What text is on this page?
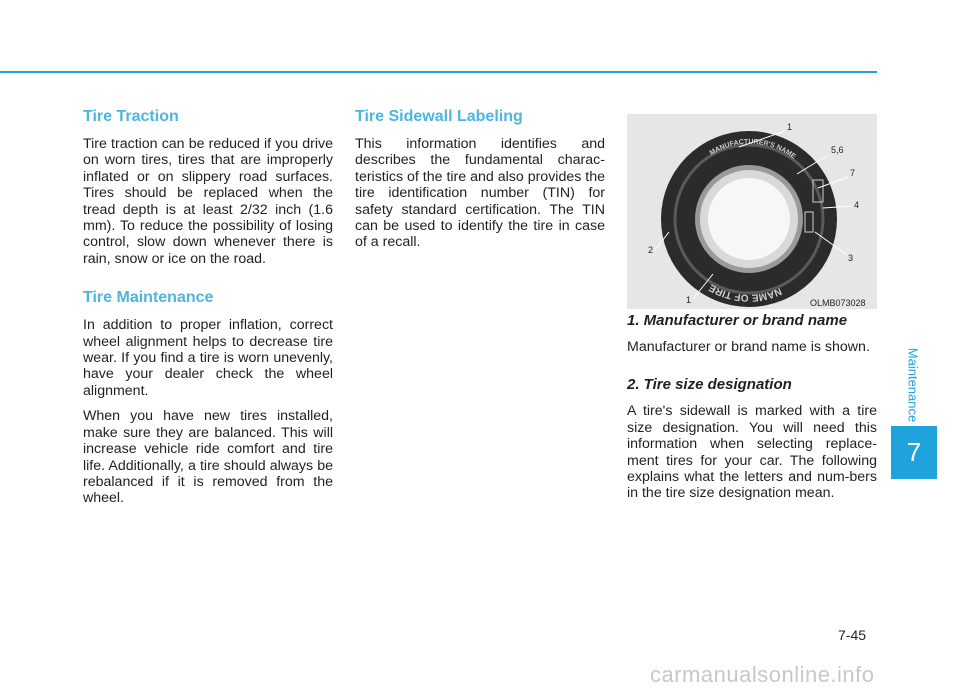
Tire Traction

Tire traction can be reduced if you drive on worn tires, tires that are improperly inflated or on slippery road surfaces. Tires should be replaced when the tread depth is at least 2/32 inch (1.6 mm). To reduce the possibility of losing control, slow down whenever there is rain, snow or ice on the road.

Tire Maintenance

In addition to proper inflation, correct wheel alignment helps to decrease tire wear. If you find a tire is worn unevenly, have your dealer check the wheel alignment.

When you have new tires installed, make sure they are balanced. This will increase vehicle ride comfort and tire life. Additionally, a tire should always be rebalanced if it is removed from the wheel.

Tire Sidewall Labeling

This information identifies and describes the fundamental charac-teristics of the tire and also provides the tire identification number (TIN) for safety standard certification. The TIN can be used to identify the tire in case of a recall.

MANUFACTURER'S NAME
NAME OF TIRE
1
5,6
7
4
3
2
1	OLMB073028
1. Manufacturer or brand name

Manufacturer or brand name is shown.

2. Tire size designation

A tire's sidewall is marked with a tire size designation. You will need this information when selecting replace-ment tires for your car. The following explains what the letters and num-bers in the tire size designation mean.

Maintenance
7
7-45
carmanualsonline.info
